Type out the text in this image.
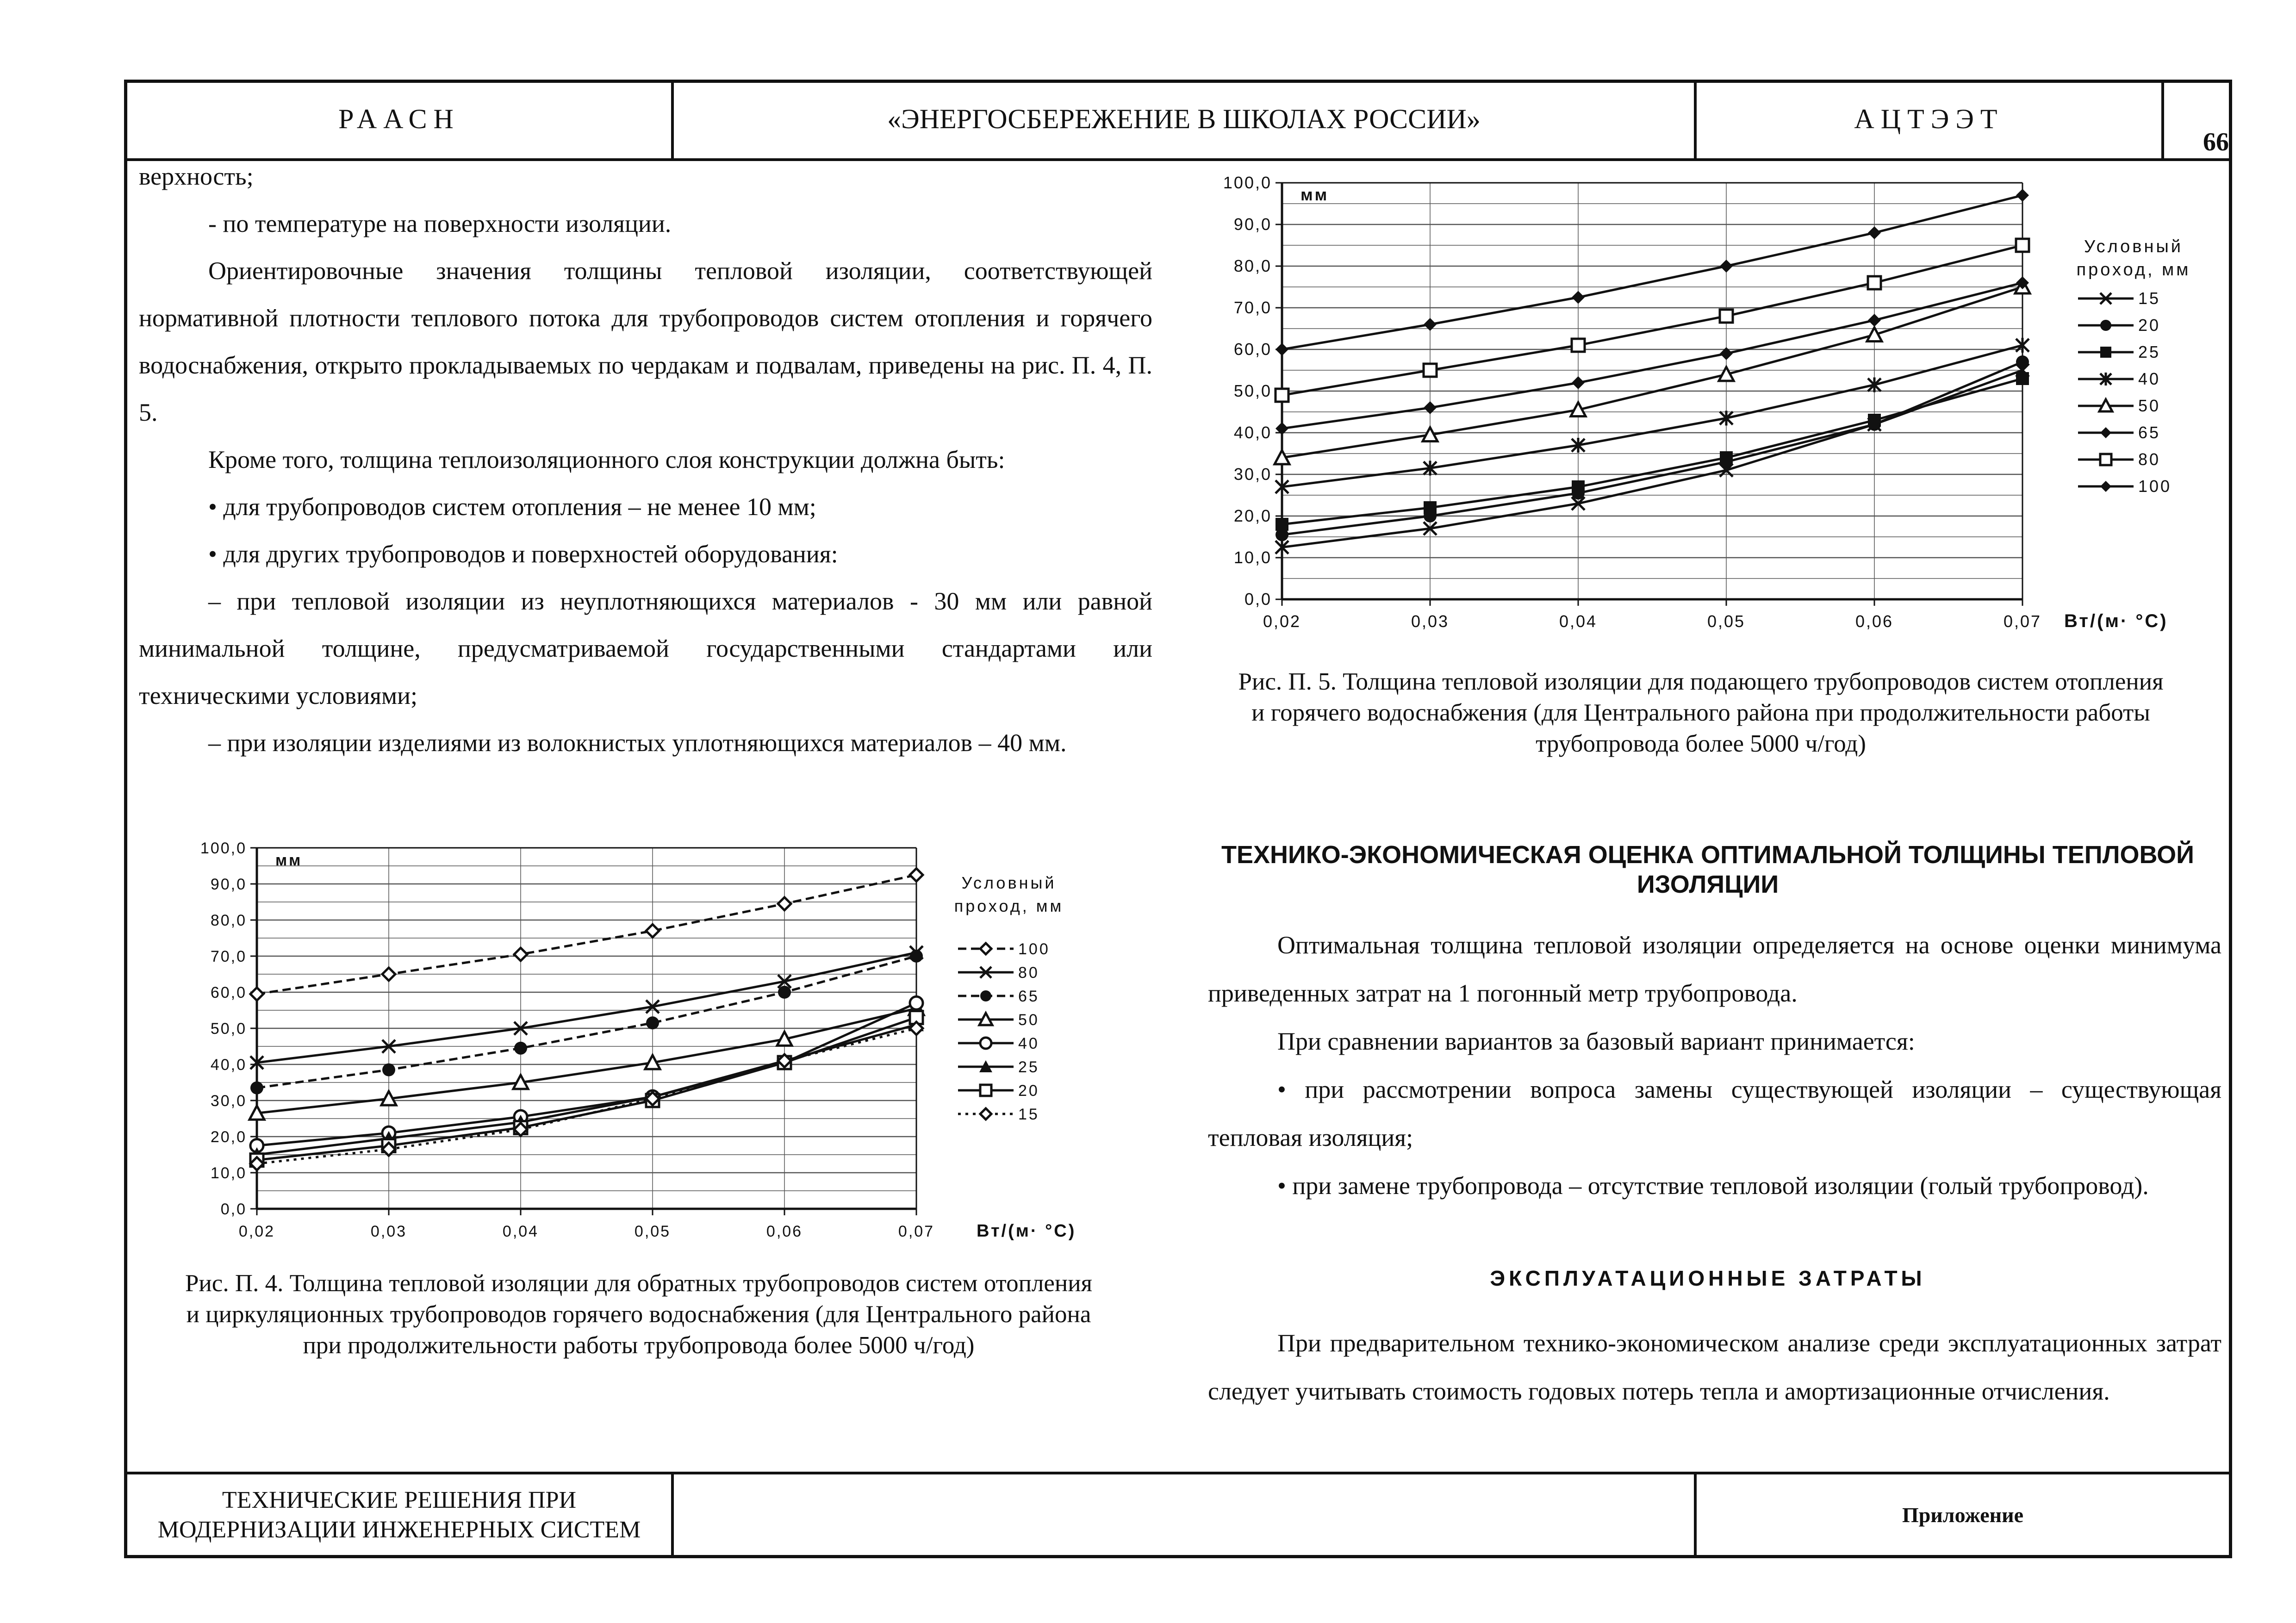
РААСН	«ЭНЕРГОСБЕРЕЖЕНИЕ В ШКОЛАХ РОССИИ»	АЦТЭЭТ
66
ТЕХНИЧЕСКИЕ РЕШЕНИЯ ПРИ МОДЕРНИЗАЦИИ ИНЖЕНЕРНЫХ СИСТЕМ
Приложение

верхность;

- по температуре на поверхности изоляции.

Ориентировочные значения толщины тепловой изоляции, соответствующей нормативной плотности теплового потока для трубопроводов систем отопления и горячего водоснабжения, открыто прокладываемых по чердакам и подвалам, приведены на рис. П. 4, П. 5.

Кроме того, толщина теплоизоляционного слоя конструкции должна быть:

• для трубопроводов систем отопления – не менее 10 мм;

• для других трубопроводов и поверхностей оборудования:

– при тепловой изоляции из неуплотняющихся материалов - 30 мм или равной минимальной толщине, предусматриваемой государственными стандартами или техническими условиями;

– при изоляции изделиями из волокнистых уплотняющихся материалов – 40 мм.

0,0
10,0
20,0
30,0
40,0
50,0
60,0
70,0
80,0
90,0
100,0
0,02	0,03	0,04	0,05	0,06	0,07
мм
Вт/(м· °С)
Условный
проход, мм
100
80
65
50
40
25
20
15
Рис. П. 4. Толщина тепловой изоляции для обратных трубопроводов систем отопления и циркуляционных трубопроводов горячего водоснабжения (для Центрального района при продолжительности работы трубопровода более 5000 ч/год)
0,0
10,0
20,0
30,0
40,0
50,0
60,0
70,0
80,0
90,0
100,0
0,02	0,03	0,04	0,05	0,06	0,07
мм
Вт/(м· °С)
Условный
проход, мм
15
20
25
40
50
65
80
100
Рис. П. 5. Толщина тепловой изоляции для подающего трубопроводов систем отопления и горячего водоснабжения (для Центрального района при продолжительности работы трубопровода более 5000 ч/год)
ТЕХНИКО-ЭКОНОМИЧЕСКАЯ ОЦЕНКА ОПТИМАЛЬНОЙ ТОЛЩИНЫ ТЕПЛОВОЙ ИЗОЛЯЦИИ

Оптимальная толщина тепловой изоляции определяется на основе оценки минимума приведенных затрат на 1 погонный метр трубопровода.

При сравнении вариантов за базовый вариант принимается:

• при рассмотрении вопроса замены существующей изоляции – существующая тепловая изоляция;

• при замене трубопровода – отсутствие тепловой изоляции (голый трубопровод).

ЭКСПЛУАТАЦИОННЫЕ ЗАТРАТЫ

При предварительном технико-экономическом анализе среди эксплуатационных затрат следует учитывать стоимость годовых потерь тепла и амортизационные отчисления.
